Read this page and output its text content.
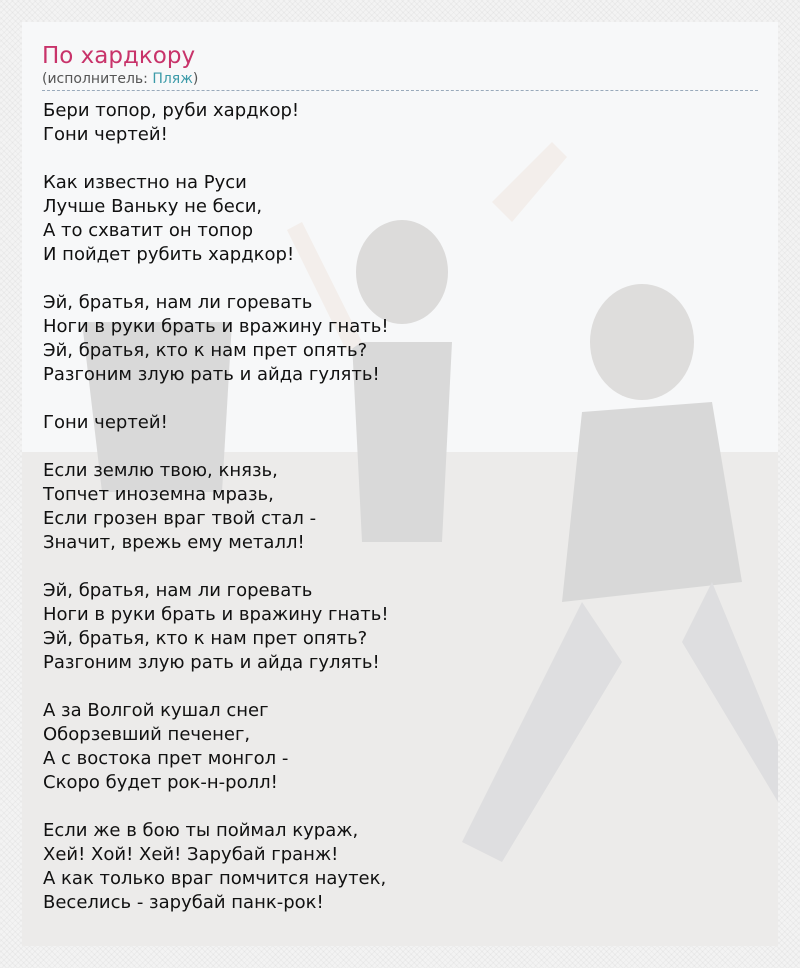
По хардкору
(исполнитель: Пляж)

Бери топор, руби хардкор!
Гони чертей!

Как известно на Руси
Лучше Ваньку не беси,
А то схватит он топор
И пойдет рубить хардкор!

Эй, братья, нам ли горевать
Ноги в руки брать и вражину гнать!
Эй, братья, кто к нам прет опять?
Разгоним злую рать и айда гулять!

Гони чертей!

Если землю твою, князь,
Топчет иноземна мразь,
Если грозен враг твой стал -
Значит, врежь ему металл!

Эй, братья, нам ли горевать
Ноги в руки брать и вражину гнать!
Эй, братья, кто к нам прет опять?
Разгоним злую рать и айда гулять!

А за Волгой кушал снег
Оборзевший печенег,
А с востока прет монгол -
Скоро будет рок-н-ролл!

Если же в бою ты поймал кураж,
Хей! Хой! Хей! Зарубай гранж!
А как только враг помчится наутек,
Веселись - зарубай панк-рок!
